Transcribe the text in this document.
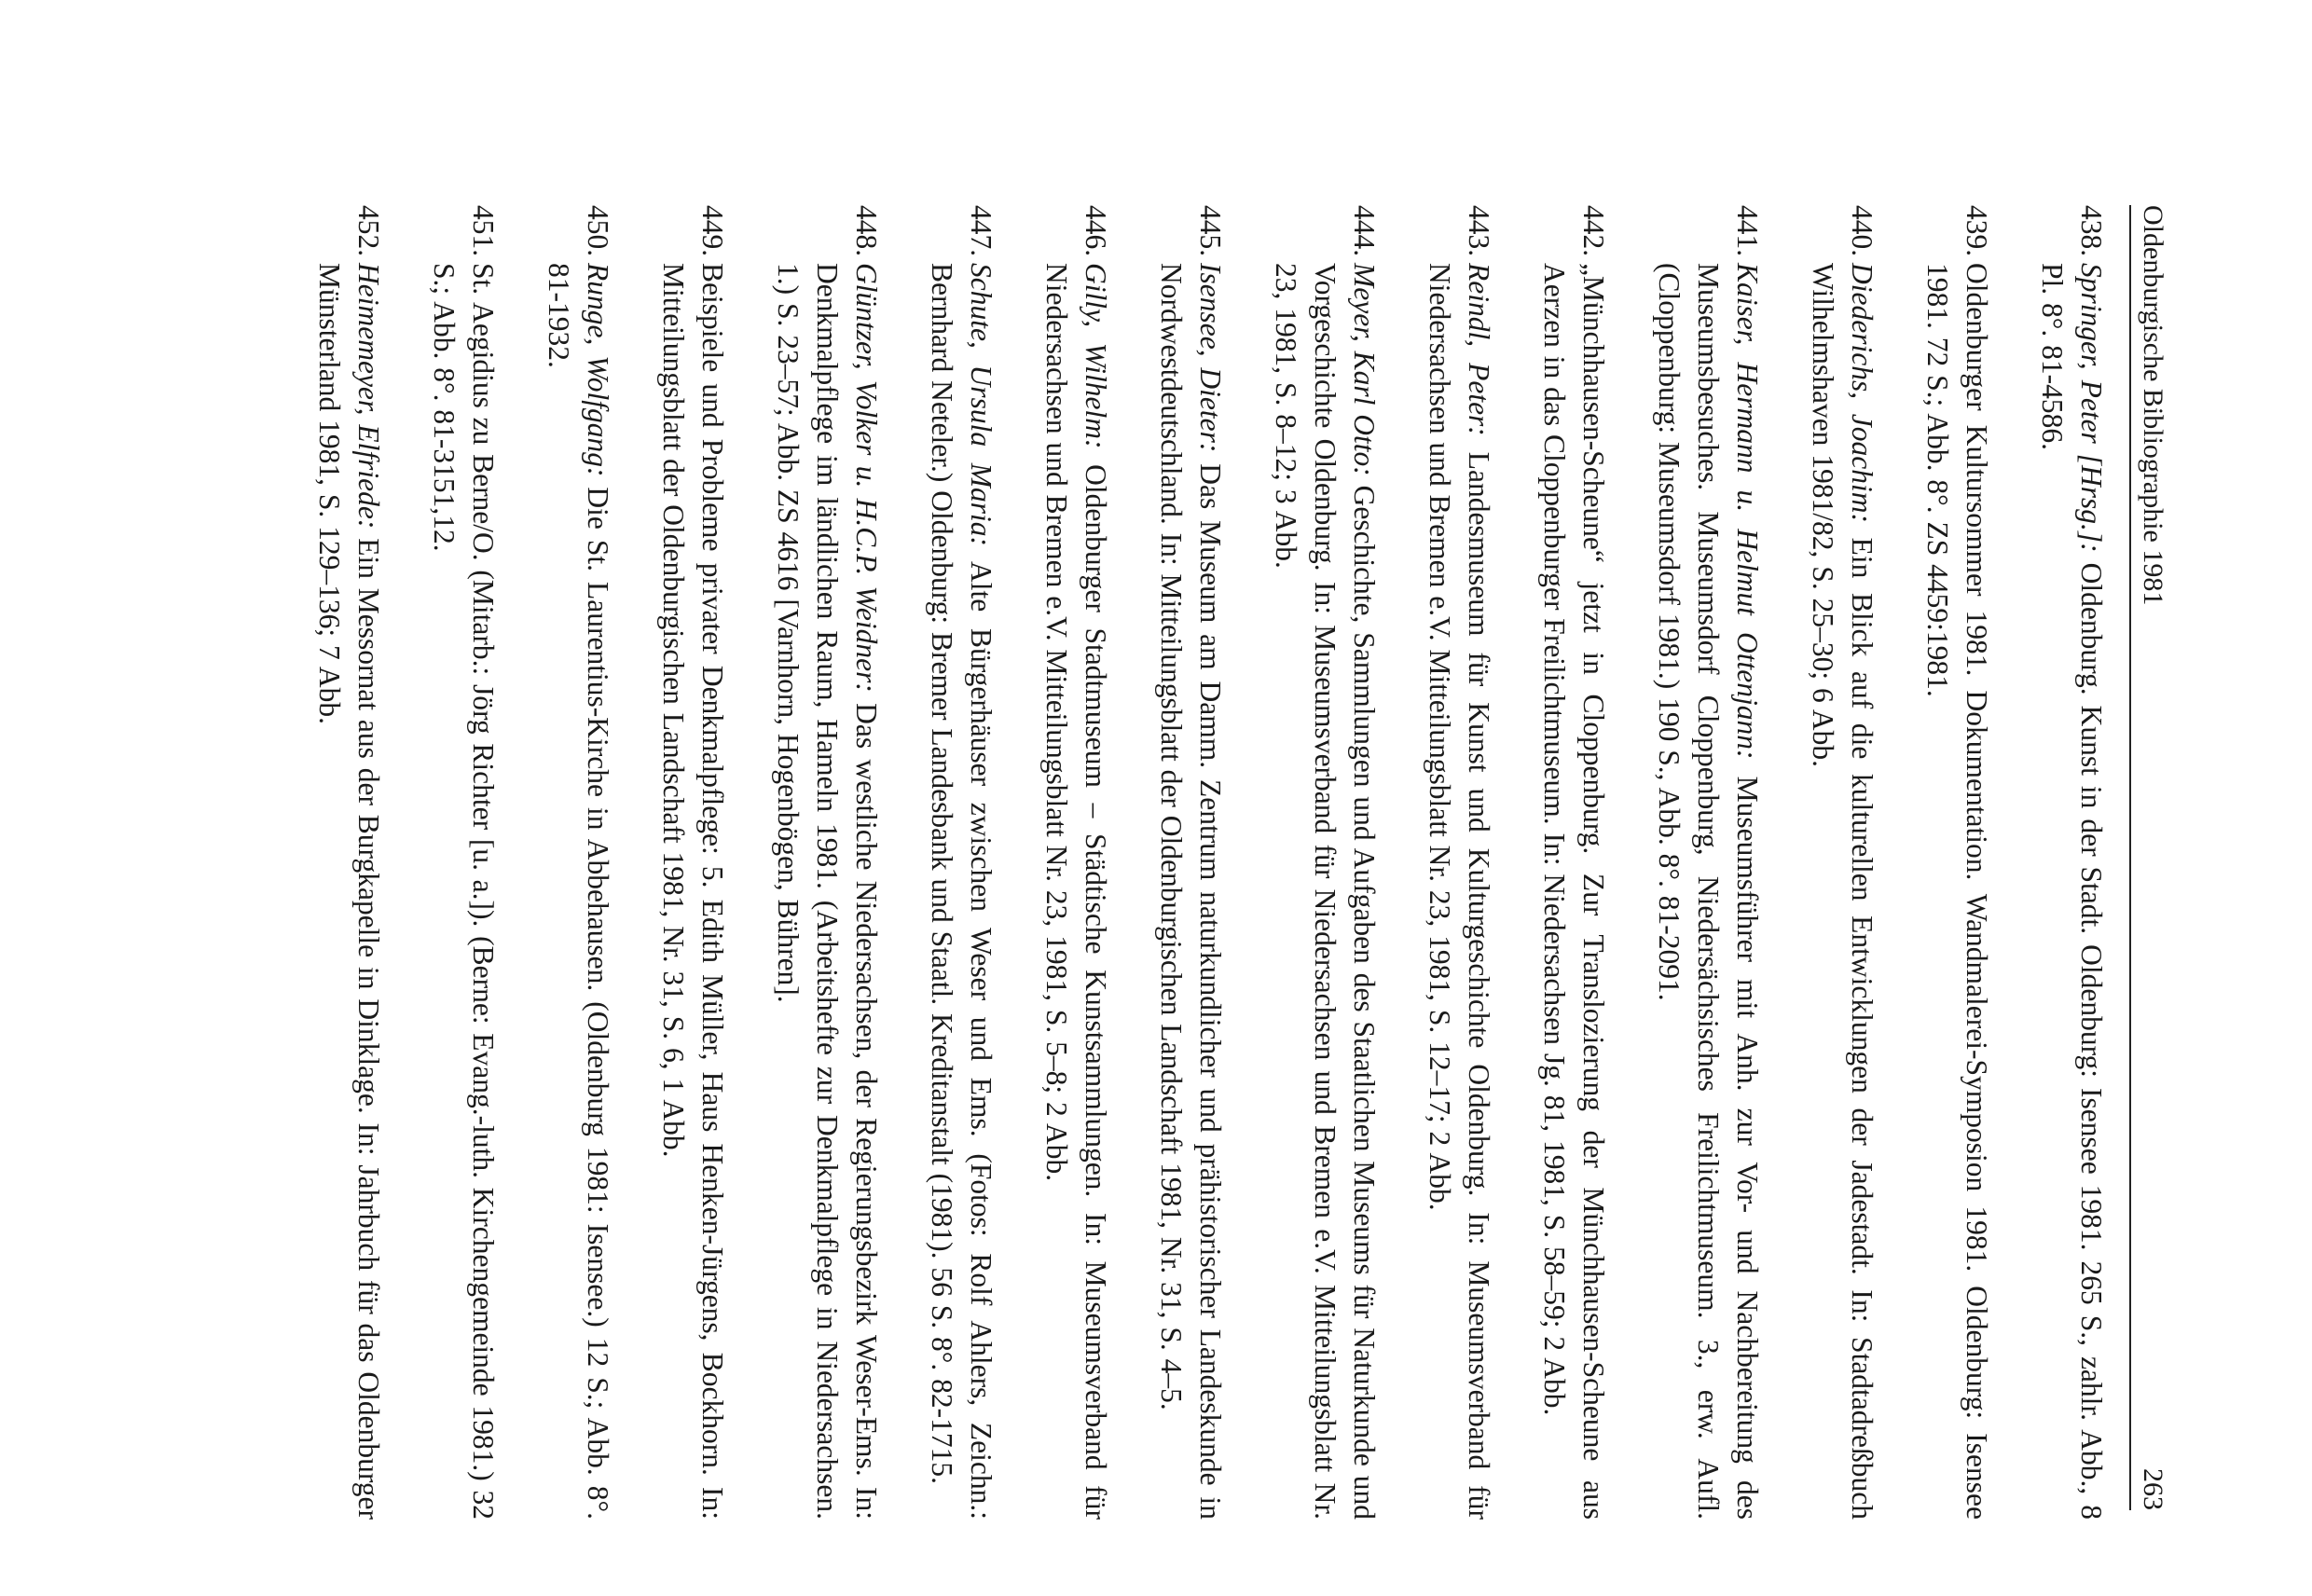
Oldenburgische Bibliographie 1981
263
438.
Springer, Peter [Hrsg.]: Oldenburg. Kunst in der Stadt. Oldenburg: Isensee 1981. 265 S., zahlr. Abb., 8 Pl. 8°. 81-4586.
439.
Oldenburger Kultursommer 1981. Dokumentation. Wandmalerei-Symposion 1981. Oldenburg: Isensee 1981. 72 S.; Abb. 8°. ZS 4459:1981.
440.
Diederichs, Joachim: Ein Blick auf die kulturellen Entwicklungen der Jadestadt. In: Stadtadreßbuch Wilhelmshaven 1981/82, S. 25–30; 6 Abb.
441.
Kaiser, Hermann u. Helmut Ottenjann: Museumsführer mit Anh. zur Vor- und Nachbereitung des Museumsbesuches. Museumsdorf Cloppenburg, Niedersächsisches Freilichtmuseum. 3., erw. Aufl. (Cloppenburg: Museumsdorf 1981.) 190 S., Abb. 8°. 81-2091.
442.
„Münchhausen-Scheune“ jetzt in Cloppenburg. Zur Translozierung der Münchhausen-Scheune aus Aerzen in das Cloppenburger Freilichtmuseum. In: Niedersachsen Jg. 81, 1981, S. 58–59; 2 Abb.
443.
Reindl, Peter: Landesmuseum für Kunst und Kulturgeschichte Oldenburg. In: Museumsverband für Niedersachsen und Bremen e.V. Mitteilungsblatt Nr. 23, 1981, S. 12–17; 2 Abb.
444.
Meyer, Karl Otto: Geschichte, Sammlungen und Aufgaben des Staatlichen Museums für Naturkunde und Vorgeschichte Oldenburg. In: Museumsverband für Niedersachsen und Bremen e.V. Mitteilungsblatt Nr. 23, 1981, S. 8–12; 3 Abb.
445.
Isensee, Dieter: Das Museum am Damm. Zentrum naturkundlicher und prähistorischer Landeskunde in Nordwestdeutschland. In: Mitteilungsblatt der Oldenburgischen Landschaft 1981, Nr. 31, S. 4–5.
446.
Gilly, Wilhelm: Oldenburger Stadtmuseum – Städtische Kunstsammlungen. In: Museumsverband für Niedersachsen und Bremen e.V. Mitteilungsblatt Nr. 23, 1981, S. 5–8; 2 Abb.
447.
Schute, Ursula Maria: Alte Bürgerhäuser zwischen Weser und Ems. (Fotos: Rolf Ahlers, Zeichn.: Bernhard Neteler.) Oldenburg: Bremer Landesbank und Staatl. Kreditanstalt (1981). 56 S. 8°. 82-1715.
448.
Glüntzer, Volker u. H.C.P. Weidner: Das westliche Niedersachsen, der Regierungsbezirk Weser-Ems. In: Denkmalpflege im ländlichen Raum, Hameln 1981. (Arbeitshefte zur Denkmalpflege in Niedersachsen. 1.) S. 23–57; Abb. ZS 4616 [Varnhorn, Hogenbögen, Bühren].
449.
Beispiele und Probleme privater Denkmalpflege: 5. Edith Müller, Haus Henken-Jürgens, Bockhorn. In: Mitteilungsblatt der Oldenburgischen Landschaft 1981, Nr. 31, S. 6, 1 Abb.
450.
Runge, Wolfgang: Die St. Laurentius-Kirche in Abbehausen. (Oldenburg 1981: Isensee.) 12 S.; Abb. 8°. 81-1932.
451.
St. Aegidius zu Berne/O. (Mitarb.: Jörg Richter [u. a.]). (Berne: Evang.-luth. Kirchengemeinde 1981.) 32 S.; Abb. 8°. 81-3151,12.
452.
Heimemeyer, Elfriede: Ein Messornat aus der Burgkapelle in Dinklage. In: Jahrbuch für das Oldenburger Münsterland 1981, S. 129–136; 7 Abb.
